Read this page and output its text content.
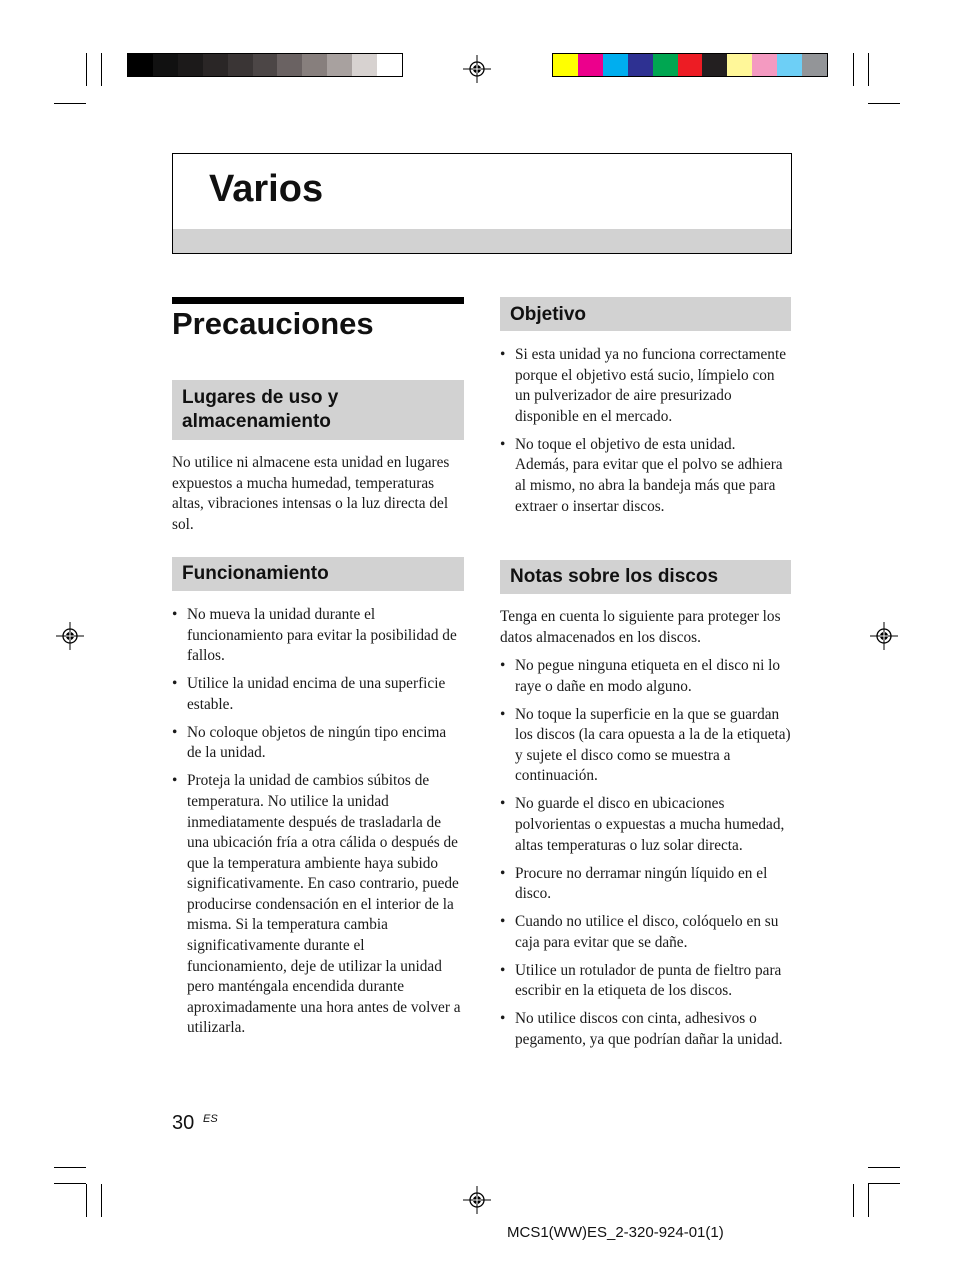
Varios
Precauciones
Lugares de uso y almacenamiento

No utilice ni almacene esta unidad en lugares expuestos a mucha humedad, temperaturas altas, vibraciones intensas o la luz directa del sol.

Funcionamiento
• No mueva la unidad durante el funcionamiento para evitar la posibilidad de fallos.
• Utilice la unidad encima de una superficie estable.
• No coloque objetos de ningún tipo encima de la unidad.
• Proteja la unidad de cambios súbitos de temperatura. No utilice la unidad inmediatamente después de trasladarla de una ubicación fría a otra cálida o después de que la temperatura ambiente haya subido significativamente. En caso contrario, puede producirse condensación en el interior de la misma. Si la temperatura cambia significativamente durante el funcionamiento, deje de utilizar la unidad pero manténgala encendida durante aproximadamente una hora antes de volver a utilizarla.
Objetivo
• Si esta unidad ya no funciona correctamente porque el objetivo está sucio, límpielo con un pulverizador de aire presurizado disponible en el mercado.
• No toque el objetivo de esta unidad. Además, para evitar que el polvo se adhiera al mismo, no abra la bandeja más que para extraer o insertar discos.
Notas sobre los discos

Tenga en cuenta lo siguiente para proteger los datos almacenados en los discos.

• No pegue ninguna etiqueta en el disco ni lo raye o dañe en modo alguno.
• No toque la superficie en la que se guardan los discos (la cara opuesta a la de la etiqueta) y sujete el disco como se muestra a continuación.
• No guarde el disco en ubicaciones polvorientas o expuestas a mucha humedad, altas temperaturas o luz solar directa.
• Procure no derramar ningún líquido en el disco.
• Cuando no utilice el disco, colóquelo en su caja para evitar que se dañe.
• Utilice un rotulador de punta de fieltro para escribir en la etiqueta de los discos.
• No utilice discos con cinta, adhesivos o pegamento, ya que podrían dañar la unidad.
30 ES
MCS1(WW)ES_2-320-924-01(1)
